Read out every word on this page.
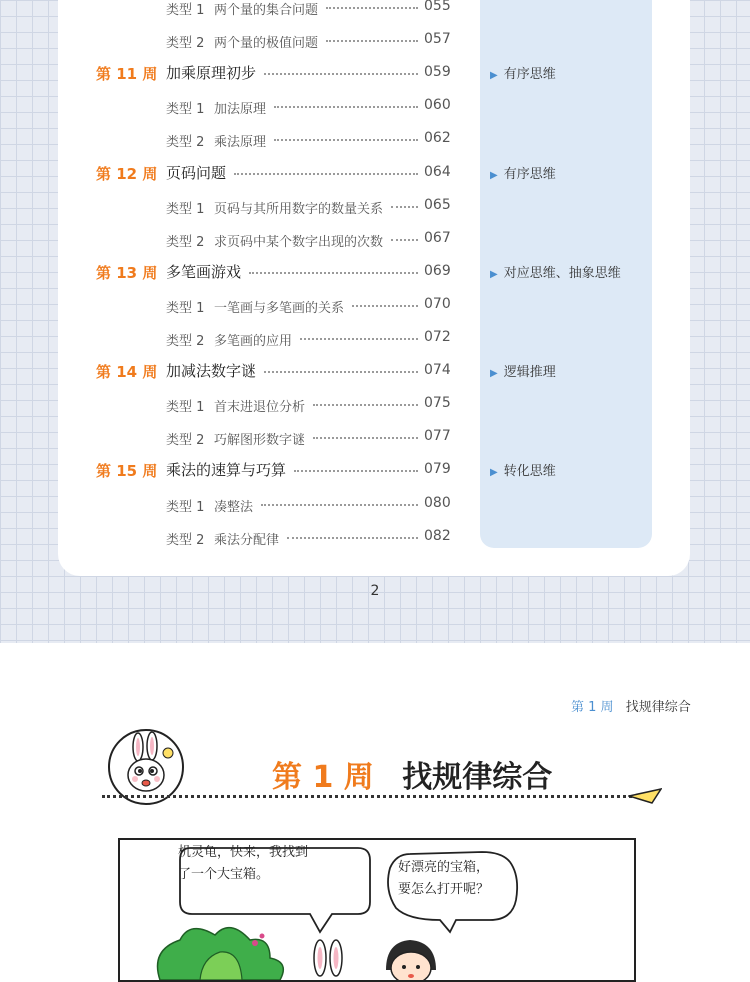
类型 1 两个量的集合问题	055
类型 2 两个量的极值问题	057
第 11 周 加乘原理初步	059	▶ 有序思维
类型 1 加法原理	060
类型 2 乘法原理	062
第 12 周 页码问题	064	▶ 有序思维
类型 1 页码与其所用数字的数量关系	065
类型 2 求页码中某个数字出现的次数	067
第 13 周 多笔画游戏	069	▶ 对应思维、抽象思维
类型 1 一笔画与多笔画的关系	070
类型 2 多笔画的应用	072
第 14 周 加减法数字谜	074	▶ 逻辑推理
类型 1 首末进退位分析	075
类型 2 巧解图形数字谜	077
第 15 周 乘法的速算与巧算	079	▶ 转化思维
类型 1 凑整法	080
类型 2 乘法分配律	082
2
第 1 周 找规律综合
第 1 周 找规律综合
机灵龟，快来，我找到
了一个大宝箱。	好漂亮的宝箱，
要怎么打开呢？
